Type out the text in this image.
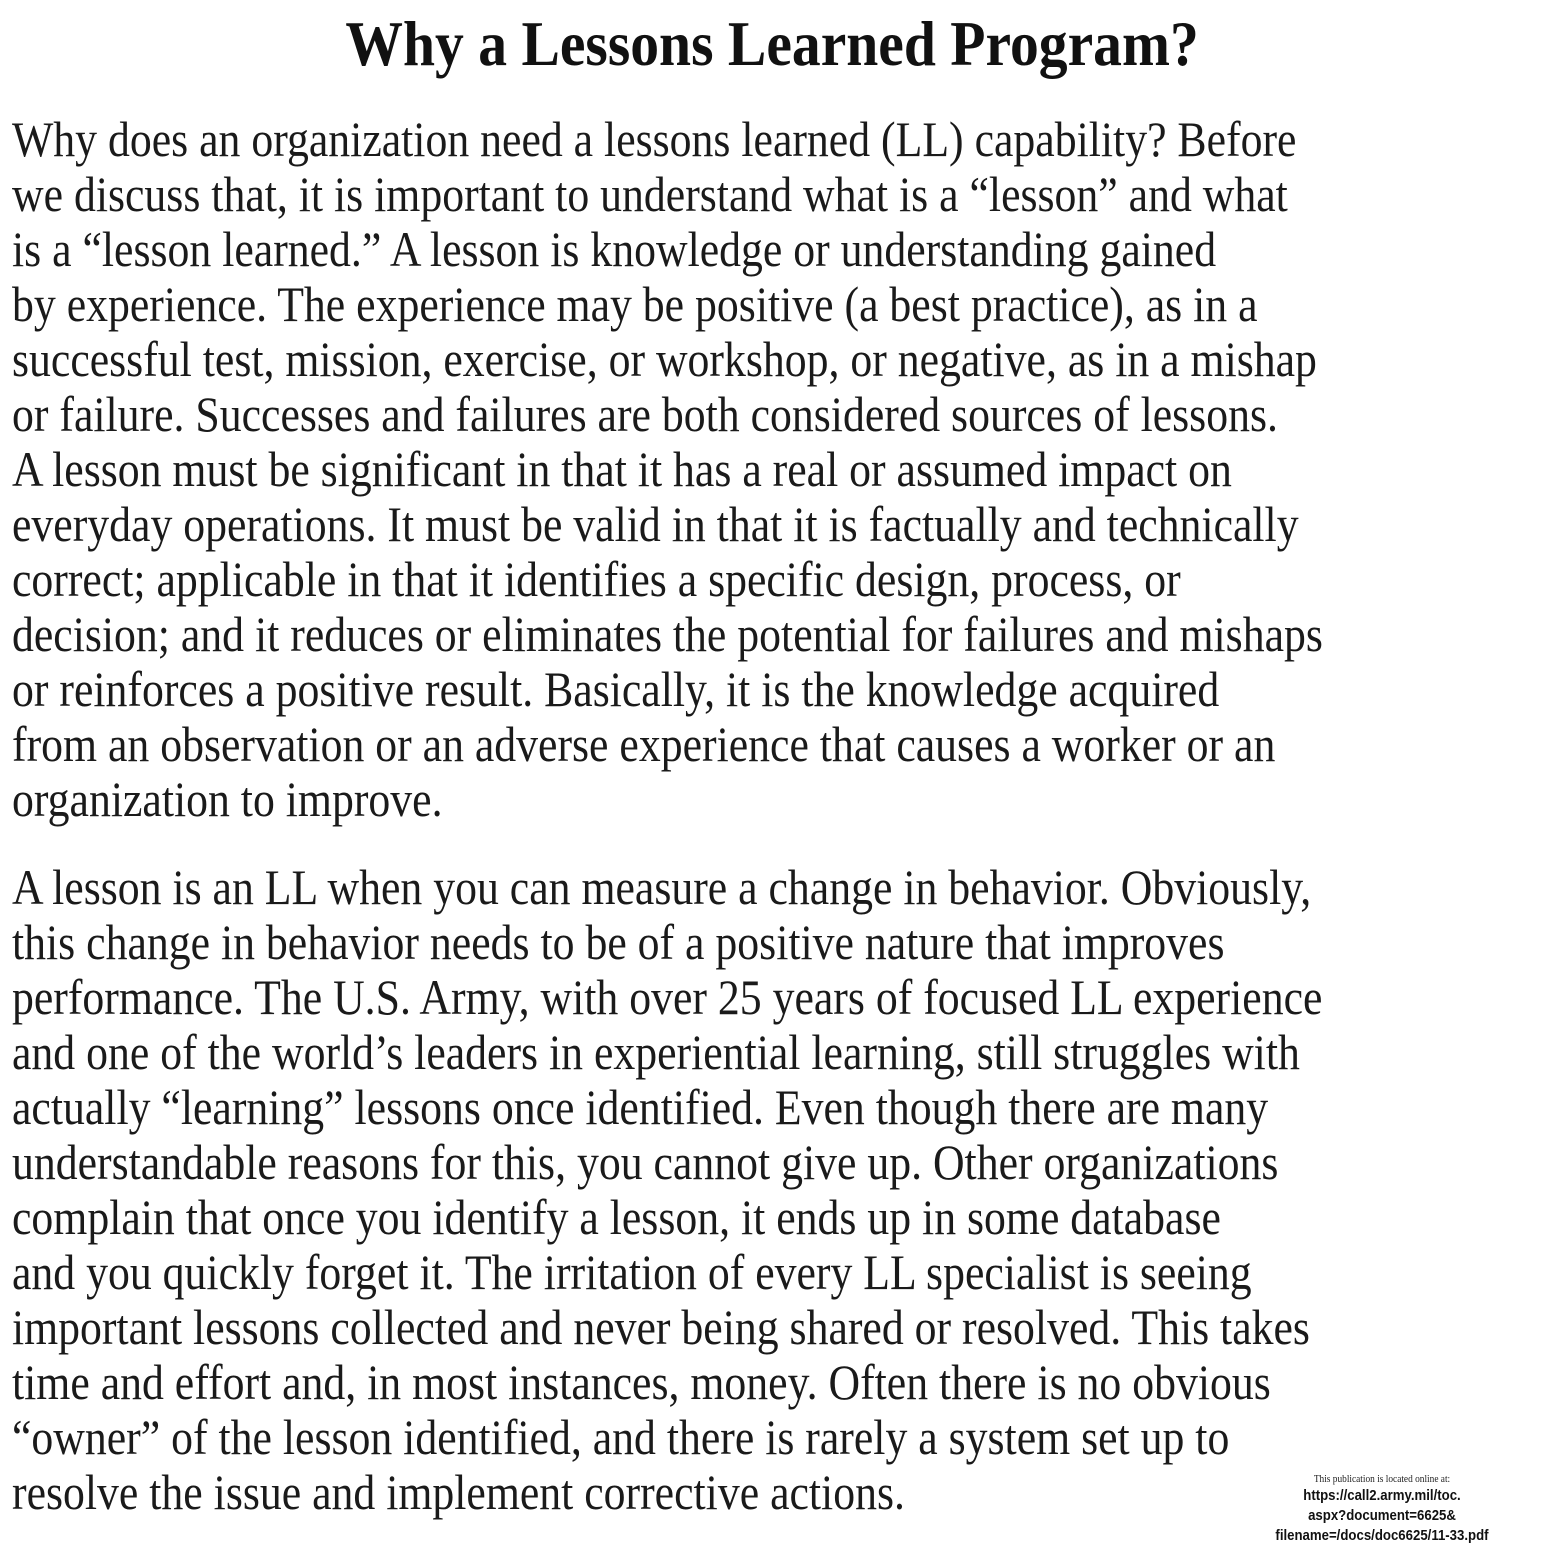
Why a Lessons Learned Program?
Why does an organization need a lessons learned (LL) capability? Before
we discuss that, it is important to understand what is a “lesson” and what
is a “lesson learned.” A lesson is knowledge or understanding gained
by experience. The experience may be positive (a best practice), as in a
successful test, mission, exercise, or workshop, or negative, as in a mishap
or failure. Successes and failures are both considered sources of lessons.
A lesson must be significant in that it has a real or assumed impact on
everyday operations. It must be valid in that it is factually and technically
correct; applicable in that it identifies a specific design, process, or
decision; and it reduces or eliminates the potential for failures and mishaps
or reinforces a positive result. Basically, it is the knowledge acquired
from an observation or an adverse experience that causes a worker or an
organization to improve.
A lesson is an LL when you can measure a change in behavior. Obviously,
this change in behavior needs to be of a positive nature that improves
performance. The U.S. Army, with over 25 years of focused LL experience
and one of the world’s leaders in experiential learning, still struggles with
actually “learning” lessons once identified. Even though there are many
understandable reasons for this, you cannot give up. Other organizations
complain that once you identify a lesson, it ends up in some database
and you quickly forget it. The irritation of every LL specialist is seeing
important lessons collected and never being shared or resolved. This takes
time and effort and, in most instances, money. Often there is no obvious
“owner” of the lesson identified, and there is rarely a system set up to
resolve the issue and implement corrective actions.	This publication is located online at:
https://call2.army.mil/toc.
aspx?document=6625&
filename=/docs/doc6625/11-33.pdf
